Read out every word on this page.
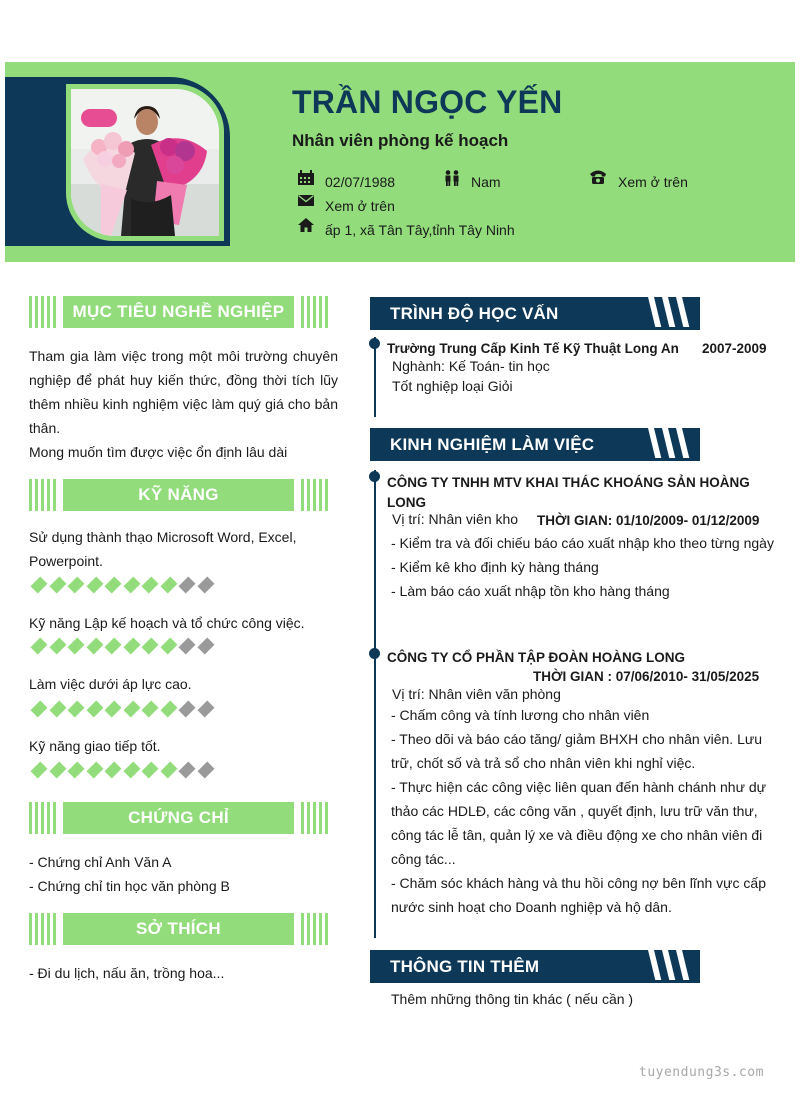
TRẦN NGỌC YẾN
Nhân viên phòng kế hoạch
02/07/1988	Nam	Xem ở trên
Xem ở trên
ấp 1, xã Tân Tây,tỉnh Tây Ninh
MỤC TIÊU NGHỀ NGHIỆP
Tham gia làm việc trong một môi trường chuyên nghiệp để phát huy kiến thức, đồng thời tích lũy thêm nhiều kinh nghiệm việc làm quý giá cho bản thân.
Mong muốn tìm được việc ổn định lâu dài
KỸ NĂNG
Sử dụng thành thạo Microsoft Word, Excel, Powerpoint.
Kỹ năng Lập kế hoạch và tổ chức công việc.
Làm việc dưới áp lực cao.
Kỹ năng giao tiếp tốt.
CHỨNG CHỈ
- Chứng chỉ Anh Văn A
- Chứng chỉ tin học văn phòng B
SỞ THÍCH
- Đi du lịch, nấu ăn, trồng hoa...
TRÌNH ĐỘ HỌC VẤN
Trường Trung Cấp Kinh Tế Kỹ Thuật Long An 2007-2009
Nghành: Kế Toán- tin học
Tốt nghiệp loại Giỏi
KINH NGHIỆM LÀM VIỆC
CÔNG TY TNHH MTV KHAI THÁC KHOÁNG SẢN HOÀNG LONG
Vị trí: Nhân viên kho THỜI GIAN: 01/10/2009- 01/12/2009
- Kiểm tra và đối chiếu báo cáo xuất nhập kho theo từng ngày
- Kiểm kê kho định kỳ hàng tháng
- Làm báo cáo xuất nhập tồn kho hàng tháng
CÔNG TY CỔ PHẦN TẬP ĐOÀN HOÀNG LONG
THỜI GIAN : 07/06/2010- 31/05/2025
Vị trí: Nhân viên văn phòng
- Chấm công và tính lương cho nhân viên
- Theo dõi và báo cáo tăng/ giảm BHXH cho nhân viên. Lưu trữ, chốt số và trả sổ cho nhân viên khi nghỉ việc.
- Thực hiện các công việc liên quan đến hành chánh như dự thảo các HDLĐ, các công văn , quyết định, lưu trữ văn thư, công tác lễ tân, quản lý xe và điều động xe cho nhân viên đi công tác...
- Chăm sóc khách hàng và thu hồi công nợ bên lĩnh vực cấp nước sinh hoạt cho Doanh nghiệp và hộ dân.
THÔNG TIN THÊM
Thêm những thông tin khác ( nếu cần )
tuyendung3s.com
